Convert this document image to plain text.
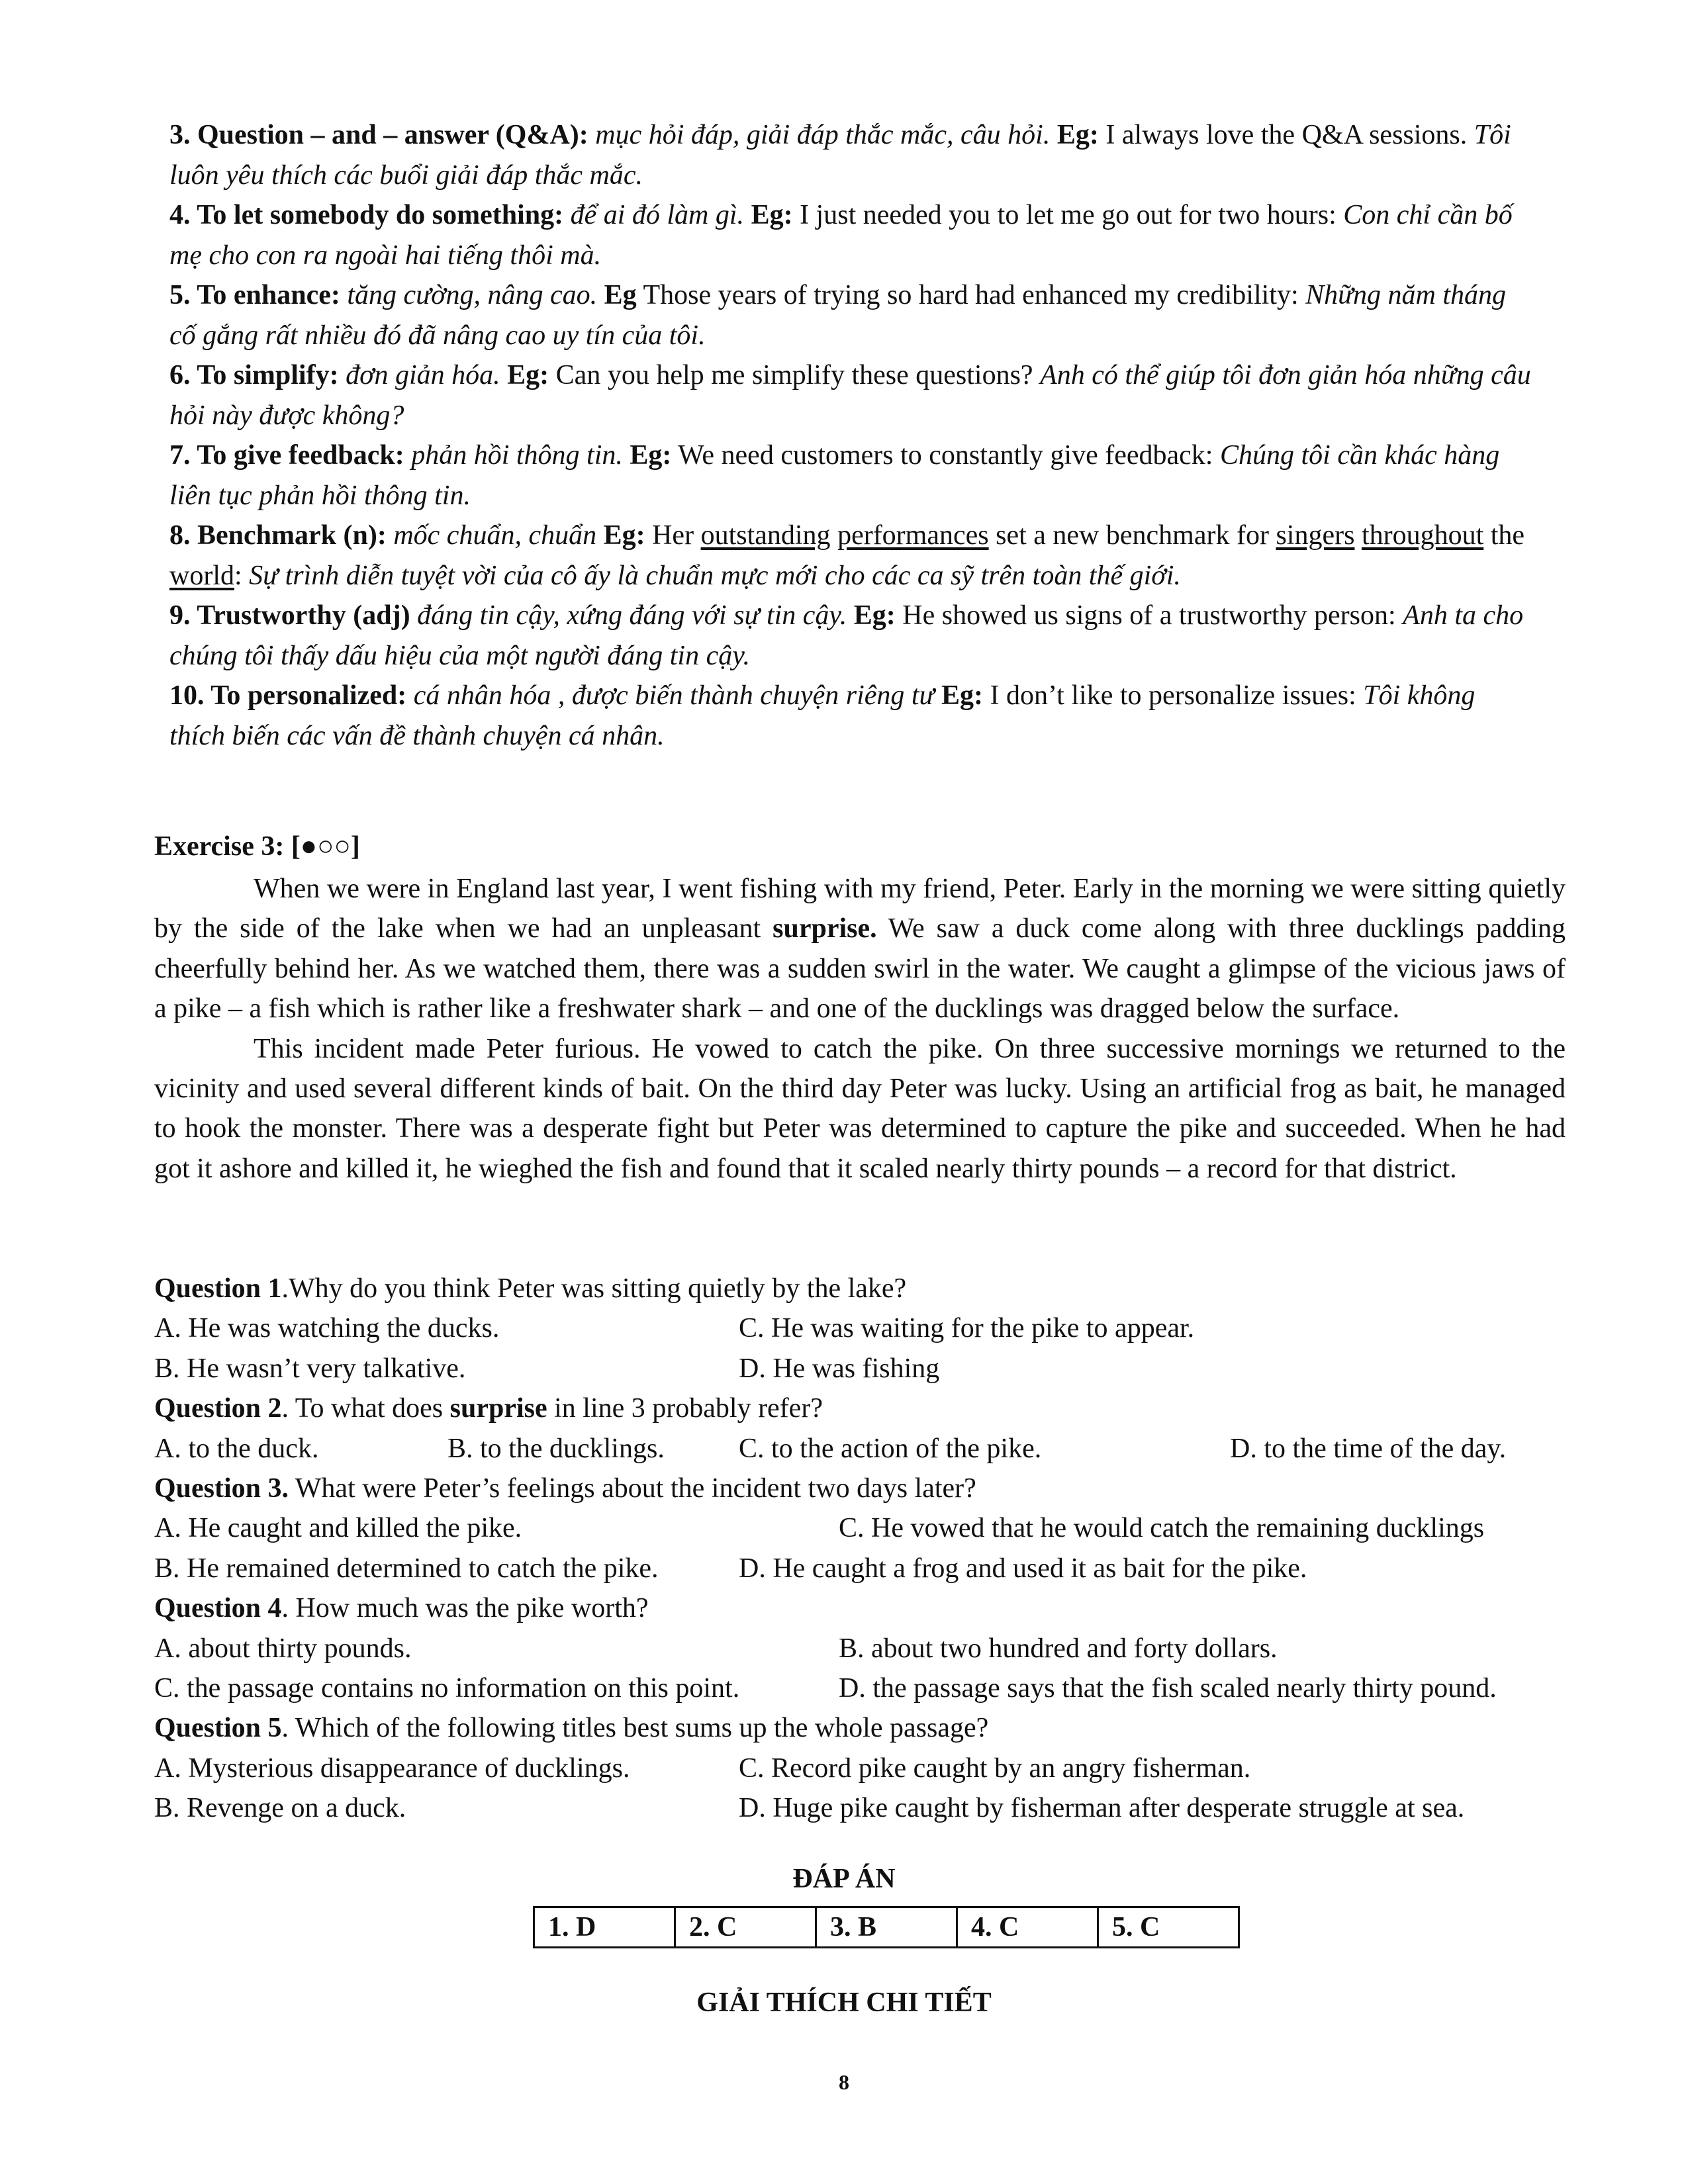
3. Question – and – answer (Q&A): mục hỏi đáp, giải đáp thắc mắc, câu hỏi. Eg: I always love the Q&A sessions. Tôi luôn yêu thích các buổi giải đáp thắc mắc.

4. To let somebody do something: để ai đó làm gì. Eg: I just needed you to let me go out for two hours: Con chỉ cần bố mẹ cho con ra ngoài hai tiếng thôi mà.

5. To enhance: tăng cường, nâng cao. Eg Those years of trying so hard had enhanced my credibility: Những năm tháng cố gắng rất nhiều đó đã nâng cao uy tín của tôi.

6. To simplify: đơn giản hóa. Eg: Can you help me simplify these questions? Anh có thể giúp tôi đơn giản hóa những câu hỏi này được không?

7. To give feedback: phản hồi thông tin. Eg: We need customers to constantly give feedback: Chúng tôi cần khác hàng liên tục phản hồi thông tin.

8. Benchmark (n): mốc chuẩn, chuẩn Eg: Her outstanding performances set a new benchmark for singers throughout the world: Sự trình diễn tuyệt vời của cô ấy là chuẩn mực mới cho các ca sỹ trên toàn thế giới.

9. Trustworthy (adj) đáng tin cậy, xứng đáng với sự tin cậy. Eg: He showed us signs of a trustworthy person: Anh ta cho chúng tôi thấy dấu hiệu của một người đáng tin cậy.

10. To personalized: cá nhân hóa , được biến thành chuyện riêng tư Eg: I don’t like to personalize issues: Tôi không thích biến các vấn đề thành chuyện cá nhân.

Exercise 3: [●○○]

When we were in England last year, I went fishing with my friend, Peter. Early in the morning we were sitting quietly by the side of the lake when we had an unpleasant surprise. We saw a duck come along with three ducklings padding cheerfully behind her. As we watched them, there was a sudden swirl in the water. We caught a glimpse of the vicious jaws of a pike – a fish which is rather like a freshwater shark – and one of the ducklings was dragged below the surface.

This incident made Peter furious. He vowed to catch the pike. On three successive mornings we returned to the vicinity and used several different kinds of bait. On the third day Peter was lucky. Using an artificial frog as bait, he managed to hook the monster. There was a desperate fight but Peter was determined to capture the pike and succeeded. When he had got it ashore and killed it, he wieghed the fish and found that it scaled nearly thirty pounds – a record for that district.

Question 1.Why do you think Peter was sitting quietly by the lake?

A. He was watching the ducks.	C. He was waiting for the pike to appear.
B. He wasn’t very talkative.	D. He was fishing

Question 2. To what does surprise in line 3 probably refer?

A. to the duck.	B. to the ducklings.	C. to the action of the pike.	D. to the time of the day.

Question 3. What were Peter’s feelings about the incident two days later?

A. He caught and killed the pike.	C. He vowed that he would catch the remaining ducklings
B. He remained determined to catch the pike.	D. He caught a frog and used it as bait for the pike.

Question 4. How much was the pike worth?

A. about thirty pounds.	B. about two hundred and forty dollars.
C. the passage contains no information on this point.	D. the passage says that the fish scaled nearly thirty pound.

Question 5. Which of the following titles best sums up the whole passage?

A. Mysterious disappearance of ducklings.	C. Record pike caught by an angry fisherman.
B. Revenge on a duck.	D. Huge pike caught by fisherman after desperate struggle at sea.

ĐÁP ÁN

1. D	2. C	3. B	4. C	5. C

GIẢI THÍCH CHI TIẾT

8
